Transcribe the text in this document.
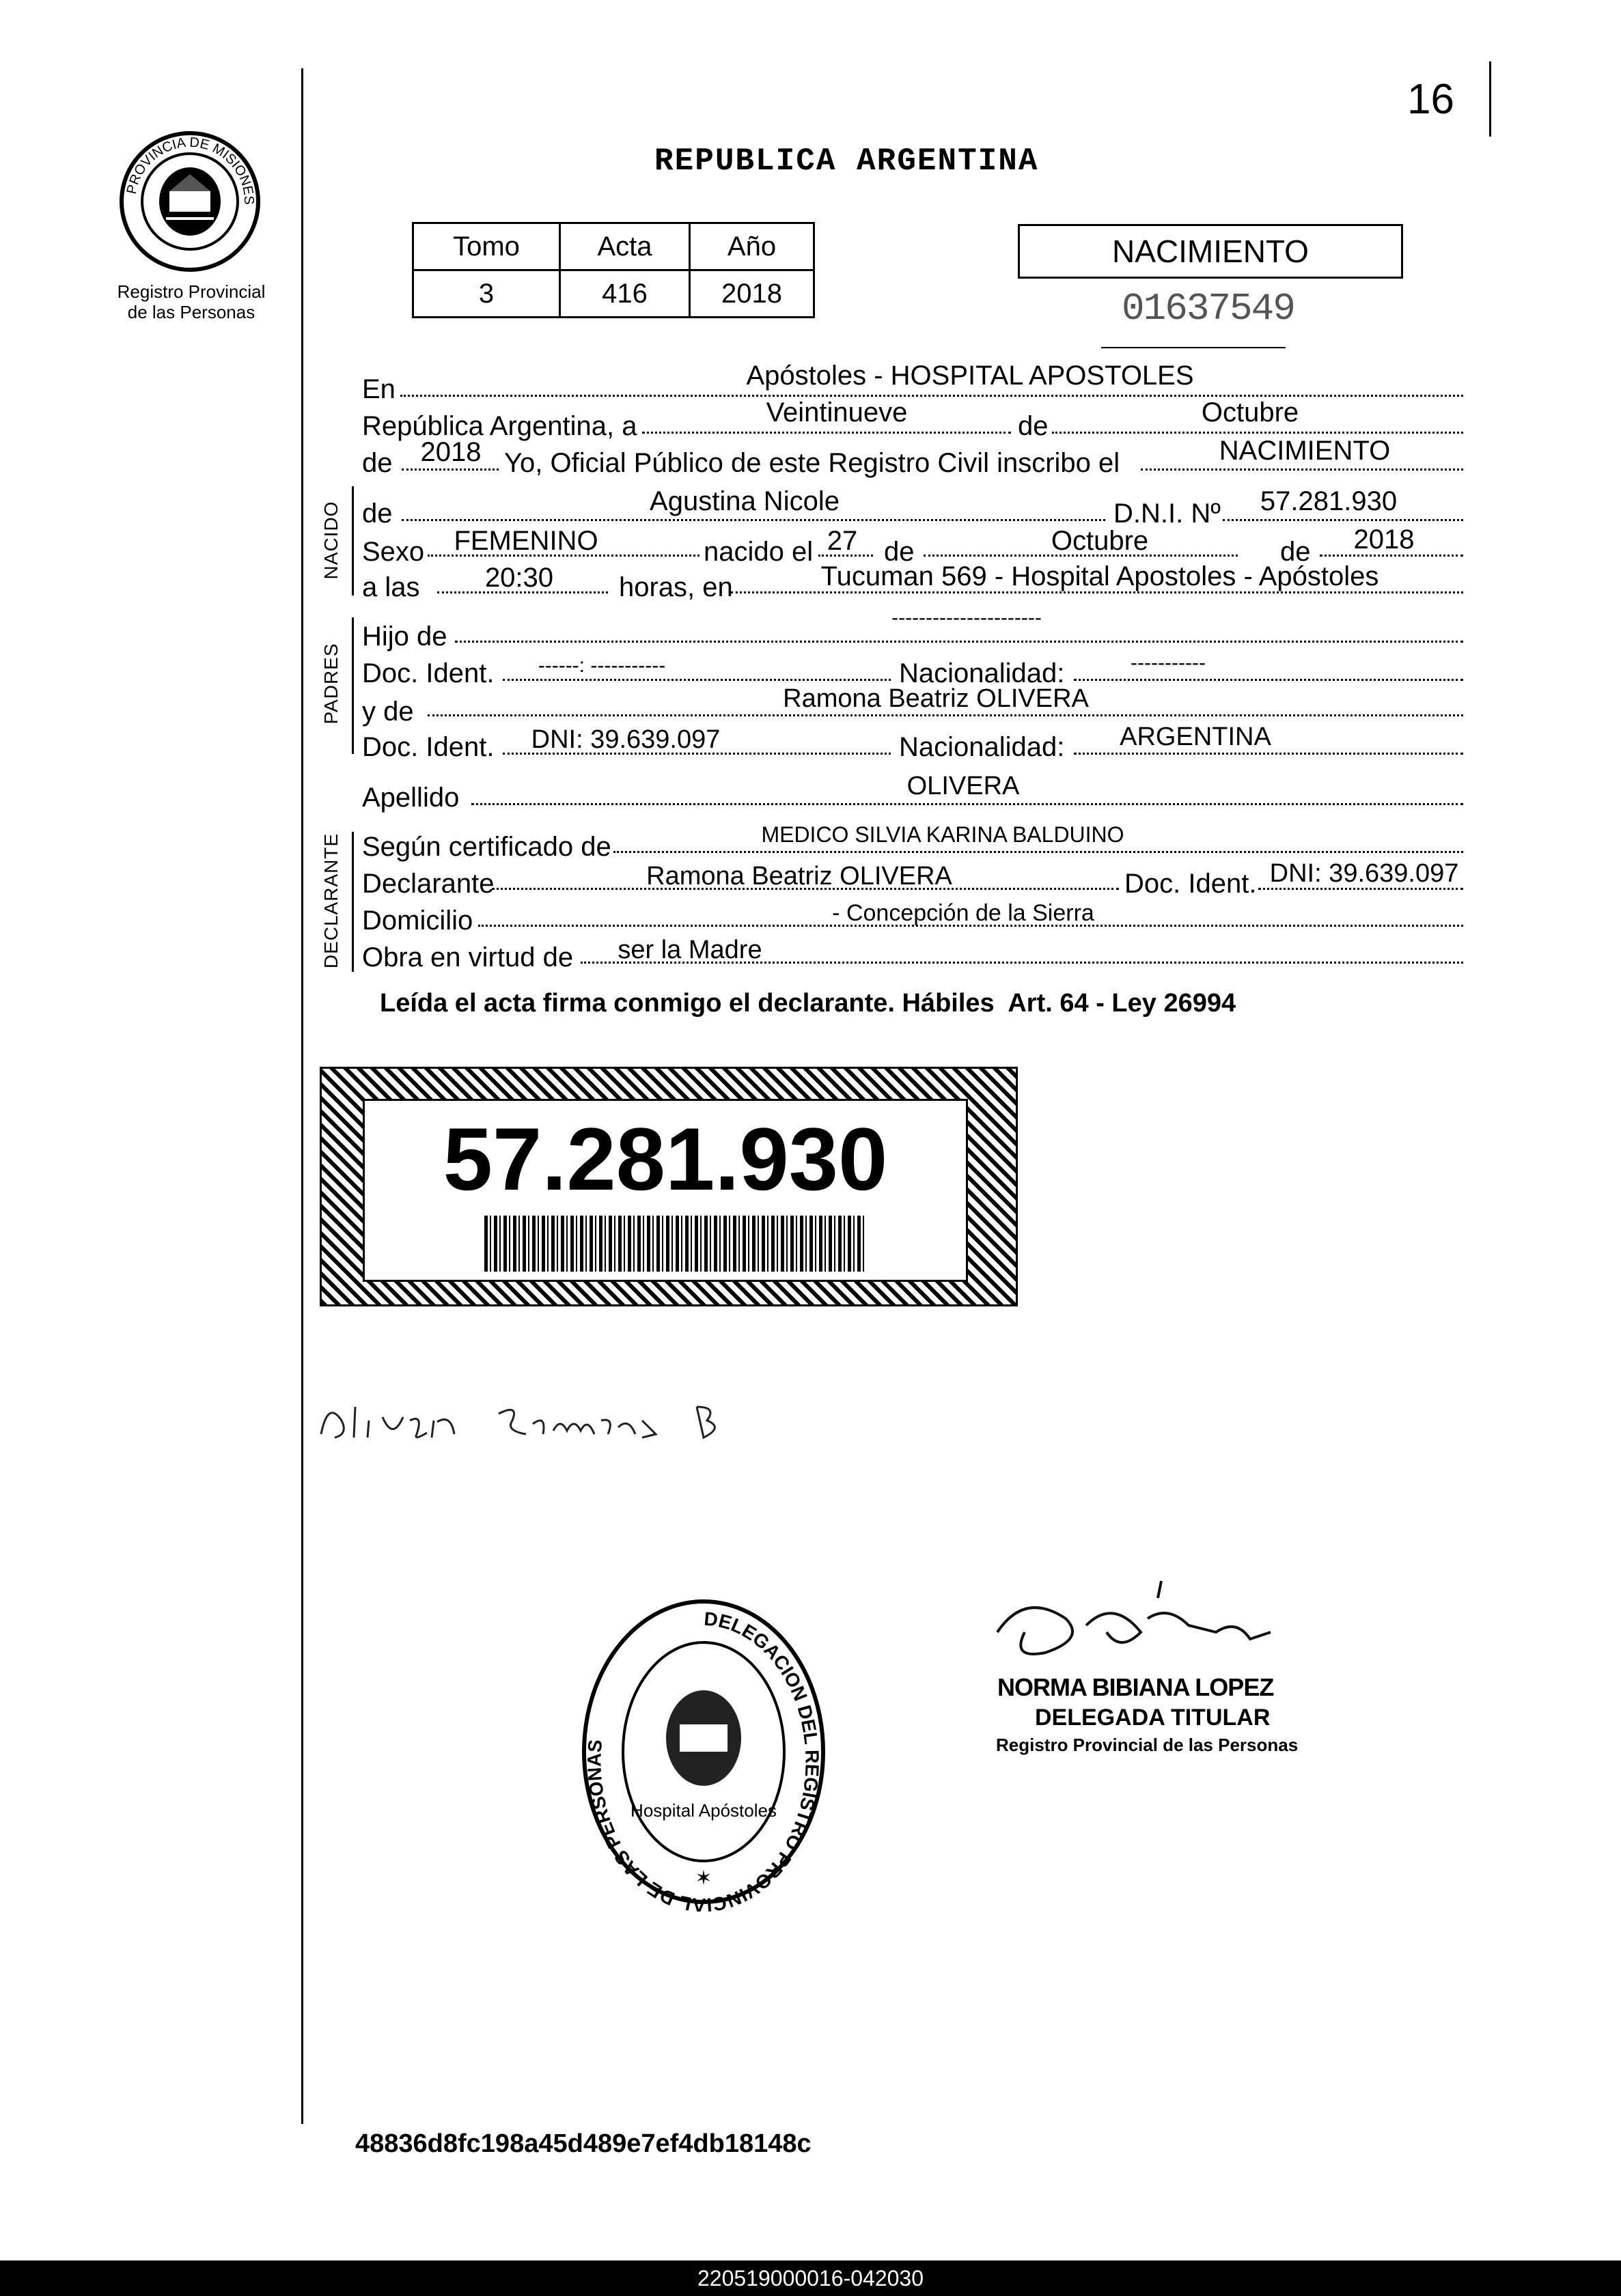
16
PROVINCIA DE MISIONES
Registro Provincial
de las Personas
REPUBLICA ARGENTINA
Tomo	Acta	Año
3	416	2018
NACIMIENTO
01637549
En	Apóstoles - HOSPITAL APOSTOLES
República Argentina, a	Veintinueve	de	Octubre
de	2018 Yo, Oficial Público de este Registro Civil inscribo el	NACIMIENTO
NACIDO de	Agustina Nicole	D.N.I. Nº	57.281.930
Sexo	FEMENINO	nacido el 27 de	Octubre	de	2018
a las	20:30	horas, en	Tucuman 569 - Hospital Apostoles - Apóstoles
PADRES
Hijo de
----------------------
Doc. Ident.	------: -----------	Nacionalidad:	-----------
y de	Ramona Beatriz OLIVERA
Doc. Ident.	DNI: 39.639.097	Nacionalidad:	ARGENTINA
Apellido	OLIVERA
DECLARANTE Según certificado de	MEDICO SILVIA KARINA BALDUINO
Declarante	Ramona Beatriz OLIVERA	Doc. Ident. DNI: 39.639.097
Domicilio	- Concepción de la Sierra
Obra en virtud de	ser la Madre
Leída el acta firma conmigo el declarante. Hábiles  Art. 64 - Ley 26994
57.281.930
DELEGACION DEL REGISTRO PROVINCIAL DE LAS PERSONAS
Hospital Apóstoles
✶
NORMA BIBIANA LOPEZ
DELEGADA TITULAR
Registro Provincial de las Personas
48836d8fc198a45d489e7ef4db18148c
220519000016-042030
